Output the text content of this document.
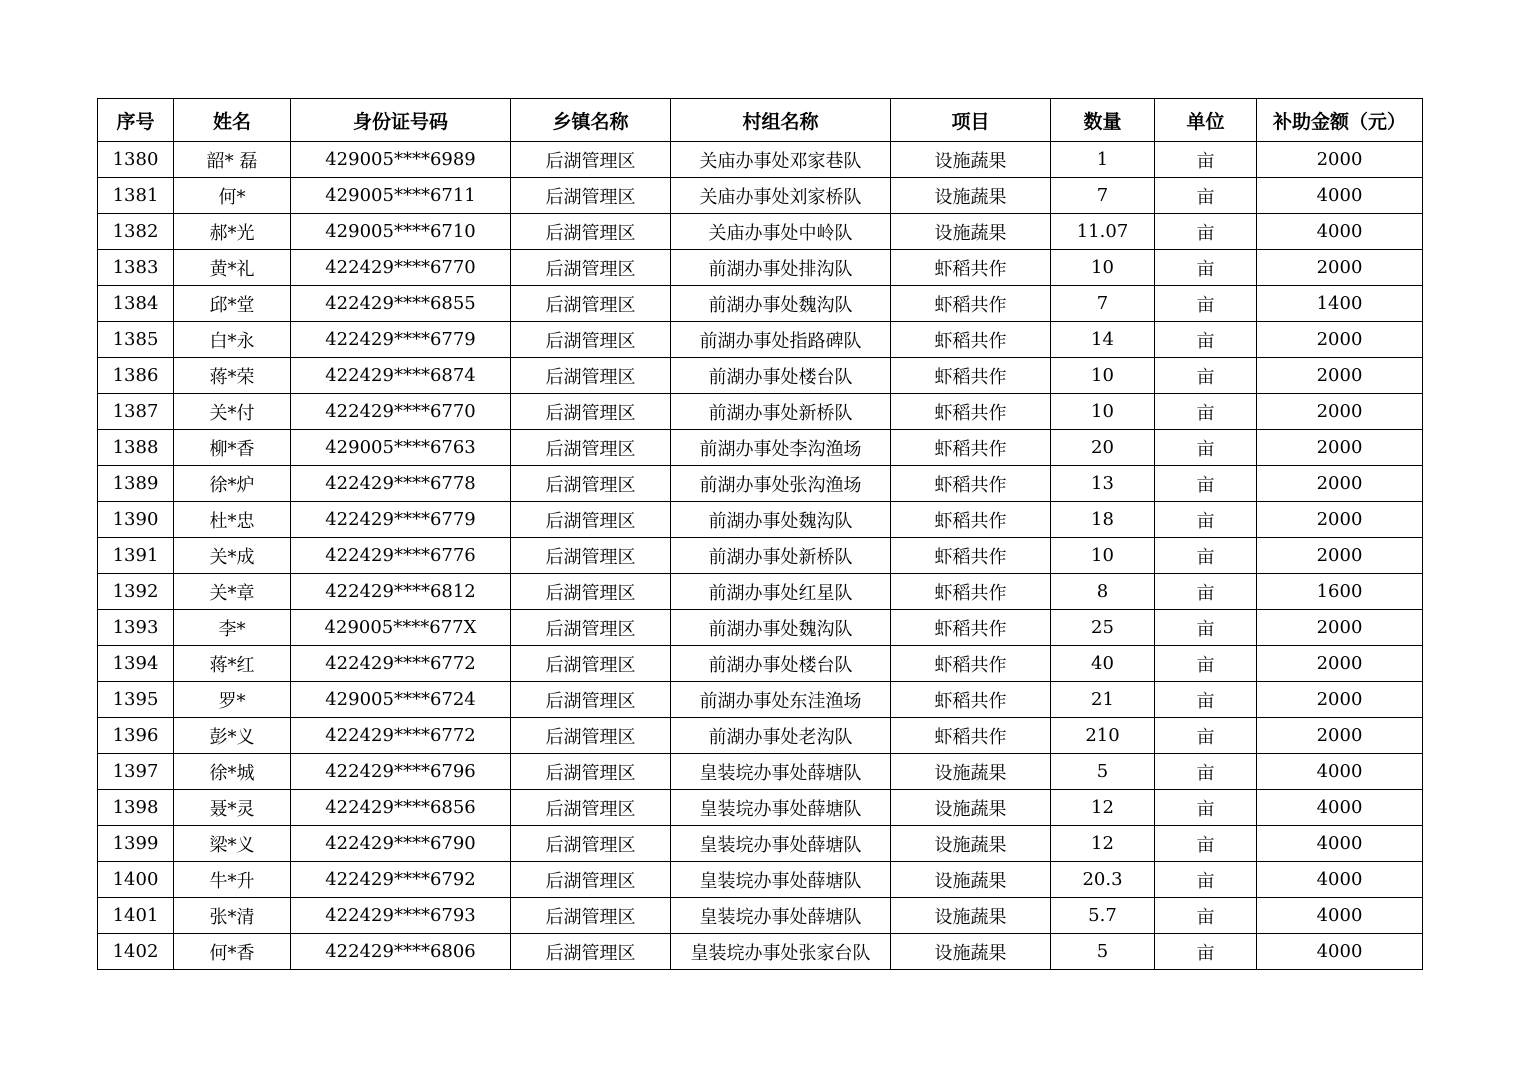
序号	姓名	身份证号码	乡镇名称	村组名称	项目	数量	单位	补助金额（元）
1380	韶* 磊	429005****6989	后湖管理区	关庙办事处邓家巷队	设施蔬果	1	亩	2000
1381	何*	429005****6711	后湖管理区	关庙办事处刘家桥队	设施蔬果	7	亩	4000
1382	郝*光	429005****6710	后湖管理区	关庙办事处中岭队	设施蔬果	11.07	亩	4000
1383	黄*礼	422429****6770	后湖管理区	前湖办事处排沟队	虾稻共作	10	亩	2000
1384	邱*堂	422429****6855	后湖管理区	前湖办事处魏沟队	虾稻共作	7	亩	1400
1385	白*永	422429****6779	后湖管理区	前湖办事处指路碑队	虾稻共作	14	亩	2000
1386	蒋*荣	422429****6874	后湖管理区	前湖办事处楼台队	虾稻共作	10	亩	2000
1387	关*付	422429****6770	后湖管理区	前湖办事处新桥队	虾稻共作	10	亩	2000
1388	柳*香	429005****6763	后湖管理区	前湖办事处李沟渔场	虾稻共作	20	亩	2000
1389	徐*炉	422429****6778	后湖管理区	前湖办事处张沟渔场	虾稻共作	13	亩	2000
1390	杜*忠	422429****6779	后湖管理区	前湖办事处魏沟队	虾稻共作	18	亩	2000
1391	关*成	422429****6776	后湖管理区	前湖办事处新桥队	虾稻共作	10	亩	2000
1392	关*章	422429****6812	后湖管理区	前湖办事处红星队	虾稻共作	8	亩	1600
1393	李*	429005****677X	后湖管理区	前湖办事处魏沟队	虾稻共作	25	亩	2000
1394	蒋*红	422429****6772	后湖管理区	前湖办事处楼台队	虾稻共作	40	亩	2000
1395	罗*	429005****6724	后湖管理区	前湖办事处东洼渔场	虾稻共作	21	亩	2000
1396	彭*义	422429****6772	后湖管理区	前湖办事处老沟队	虾稻共作	210	亩	2000
1397	徐*城	422429****6796	后湖管理区	皇装垸办事处薛塘队	设施蔬果	5	亩	4000
1398	聂*灵	422429****6856	后湖管理区	皇装垸办事处薛塘队	设施蔬果	12	亩	4000
1399	梁*义	422429****6790	后湖管理区	皇装垸办事处薛塘队	设施蔬果	12	亩	4000
1400	牛*升	422429****6792	后湖管理区	皇装垸办事处薛塘队	设施蔬果	20.3	亩	4000
1401	张*清	422429****6793	后湖管理区	皇装垸办事处薛塘队	设施蔬果	5.7	亩	4000
1402	何*香	422429****6806	后湖管理区	皇装垸办事处张家台队	设施蔬果	5	亩	4000
